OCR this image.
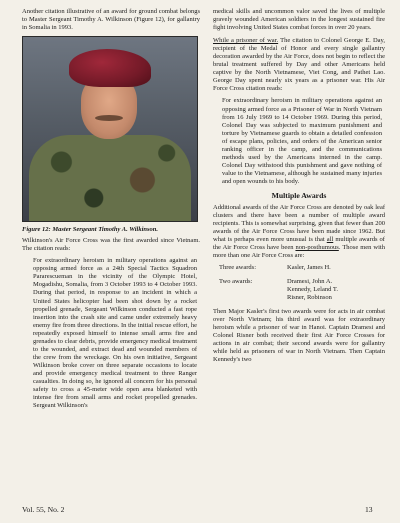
Another citation illustrative of an award for ground combat belongs to Master Sergeant Timothy A. Wilkinson (Figure 12), for gallantry in Somalia in 1993.

Figure 12: Master Sergeant Timothy A. Wilkinson.

Wilkinson's Air Force Cross was the first awarded since Vietnam. The citation reads:

For extraordinary heroism in military operations against an opposing armed force as a 24th Special Tactics Squadron Pararescueman in the vicinity of the Olympic Hotel, Mogadishu, Somalia, from 3 October 1993 to 4 October 1993. During that period, in response to an incident in which a United States helicopter had been shot down by a rocket propelled grenade, Sergeant Wilkinson conducted a fast rope insertion into the crash site and came under extremely heavy enemy fire from three directions. In the initial rescue effort, he repeatedly exposed himself to intense small arms fire and grenades to clear debris, provide emergency medical treatment to the wounded, and extract dead and wounded members of the crew from the wreckage. On his own initiative, Sergeant Wilkinson broke cover on three separate occasions to locate and provide emergency medical treatment to three Ranger casualties. In doing so, he ignored all concern for his personal safety to cross a 45-meter wide open area blanketed with intense fire from small arms and rocket propelled grenades. Sergeant Wilkinson's

medical skills and uncommon valor saved the lives of multiple gravely wounded American soldiers in the longest sustained fire fight involving United States combat forces in over 20 years.

While a prisoner of war. The citation to Colonel George E. Day, recipient of the Medal of Honor and every single gallantry decoration awarded by the Air Force, does not begin to reflect the brutal treatment suffered by Day and other Americans held captive by the North Vietnamese, Viet Cong, and Pathet Lao. George Day spent nearly six years as a prisoner war. His Air Force Cross citation reads:

For extraordinary heroism in military operations against an opposing armed force as a Prisoner of War in North Vietnam from 16 July 1969 to 14 October 1969. During this period, Colonel Day was subjected to maximum punishment and torture by Vietnamese guards to obtain a detailed confession of escape plans, policies, and orders of the American senior ranking officer in the camp, and the communications methods used by the Americans interned in the camp. Colonel Day withstood this punishment and gave nothing of value to the Vietnamese, although he sustained many injuries and open wounds to his body.

Multiple Awards

Additional awards of the Air Force Cross are denoted by oak leaf clusters and there have been a number of multiple award recipients. This is somewhat surprising, given that fewer than 200 awards of the Air Force Cross have been made since 1962. But what is perhaps even more unusual is that all multiple awards of the Air Force Cross have been non-posthumous. Those men with more than one Air Force Cross are:

Three awards:	Kasler, James H.

Two awards:	Dramesi, John A.
Kennedy, Leland T.
Risner, Robinson

Then Major Kasler's first two awards were for acts in air combat over North Vietnam; his third award was for extraordinary heroism while a prisoner of war in Hanoi. Captain Dramesi and Colonel Risner both received their first Air Force Crosses for actions in air combat; their second awards were for gallantry while held as prisoners of war in North Vietnam. Then Captain Kennedy's two

Vol. 55, No. 2	13
